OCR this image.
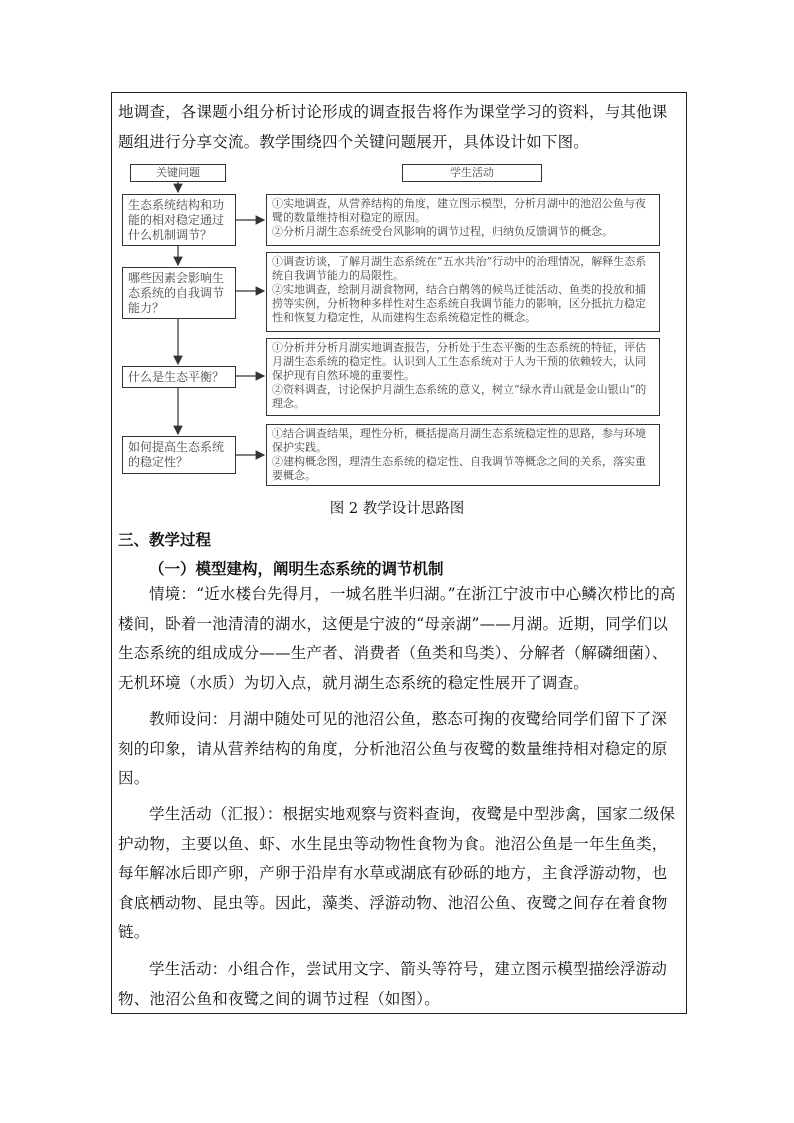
地调查，各课题小组分析讨论形成的调查报告将作为课堂学习的资料，与其他课

题组进行分享交流。教学围绕四个关键问题展开，具体设计如下图。

关键问题	学生活动
生态系统结构和功能的相对稳定通过什么机制调节？
①实地调查，从营养结构的角度，建立图示模型，分析月湖中的池沼公鱼与夜鹭的数量维持相对稳定的原因。
②分析月湖生态系统受台风影响的调节过程，归纳负反馈调节的概念。
哪些因素会影响生态系统的自我调节能力？
①调查访谈，了解月湖生态系统在“五水共治”行动中的治理情况，解释生态系统自我调节能力的局限性。
②实地调查，绘制月湖食物网，结合白鹡鸰的候鸟迁徙活动、鱼类的投放和捕捞等实例，分析物种多样性对生态系统自我调节能力的影响，区分抵抗力稳定性和恢复力稳定性，从而建构生态系统稳定性的概念。
什么是生态平衡？
①分析并分析月湖实地调查报告，分析处于生态平衡的生态系统的特征，评估月湖生态系统的稳定性。认识到人工生态系统对于人为干预的依赖较大，认同保护现有自然环境的重要性。
②资料调查，讨论保护月湖生态系统的意义，树立“绿水青山就是金山银山”的理念。
如何提高生态系统的稳定性？
①结合调查结果，理性分析，概括提高月湖生态系统稳定性的思路，参与环境保护实践。
②建构概念图，理清生态系统的稳定性、自我调节等概念之间的关系，落实重要概念。
图 2 教学设计思路图

三、教学过程

（一）模型建构，阐明生态系统的调节机制

情境：“近水楼台先得月，一城名胜半归湖。”在浙江宁波市中心鳞次栉比的高楼间，卧着一池清清的湖水，这便是宁波的“母亲湖”——月湖。近期，同学们以生态系统的组成成分——生产者、消费者（鱼类和鸟类）、分解者（解磷细菌）、无机环境（水质）为切入点，就月湖生态系统的稳定性展开了调查。

教师设问：月湖中随处可见的池沼公鱼，憨态可掬的夜鹭给同学们留下了深刻的印象，请从营养结构的角度，分析池沼公鱼与夜鹭的数量维持相对稳定的原因。

学生活动（汇报）：根据实地观察与资料查询，夜鹭是中型涉禽，国家二级保护动物，主要以鱼、虾、水生昆虫等动物性食物为食。池沼公鱼是一年生鱼类，每年解冰后即产卵，产卵于沿岸有水草或湖底有砂砾的地方，主食浮游动物，也食底栖动物、昆虫等。因此，藻类、浮游动物、池沼公鱼、夜鹭之间存在着食物链。

学生活动：小组合作，尝试用文字、箭头等符号，建立图示模型描绘浮游动物、池沼公鱼和夜鹭之间的调节过程（如图）。
